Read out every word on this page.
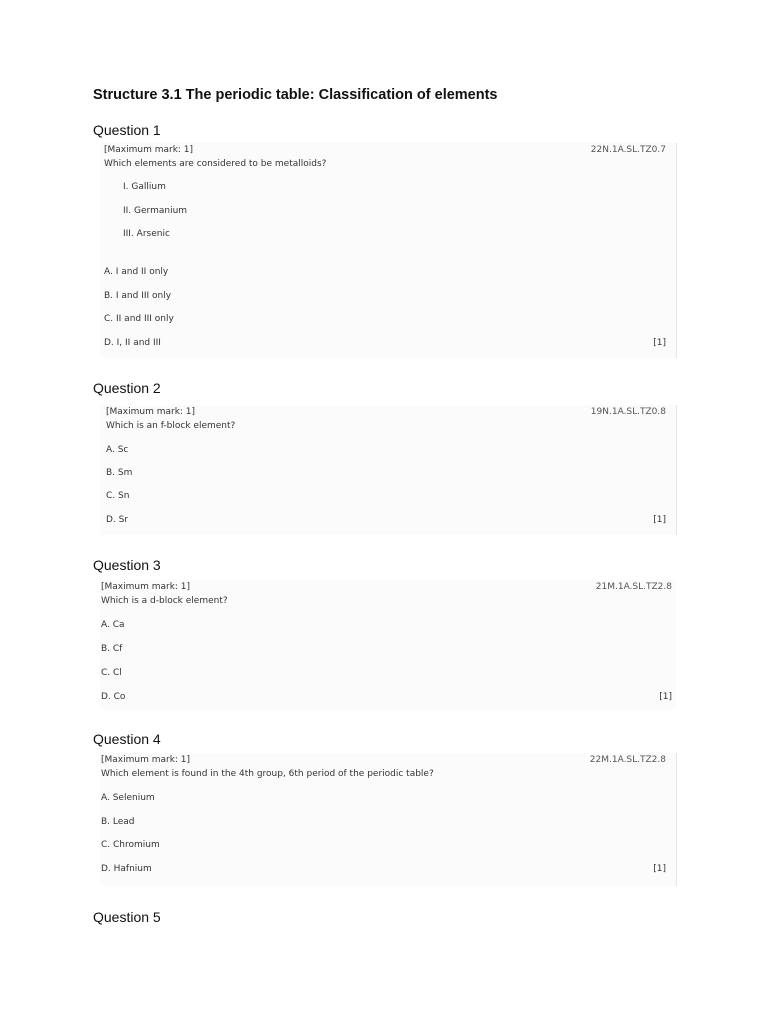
Structure 3.1 The periodic table: Classification of elements
Question 1
[Maximum mark: 1]	22N.1A.SL.TZ0.7
Which elements are considered to be metalloids?
I. Gallium
II. Germanium
III. Arsenic
A. I and II only
B. I and III only
C. II and III only
D. I, II and III	[1]
Question 2
[Maximum mark: 1]	19N.1A.SL.TZ0.8
Which is an f-block element?
A. Sc
B. Sm
C. Sn
D. Sr	[1]
Question 3
[Maximum mark: 1]	21M.1A.SL.TZ2.8
Which is a d-block element?
A. Ca
B. Cf
C. Cl
D. Co	[1]
Question 4
[Maximum mark: 1]	22M.1A.SL.TZ2.8
Which element is found in the 4th group, 6th period of the periodic table?
A. Selenium
B. Lead
C. Chromium
D. Hafnium	[1]
Question 5
